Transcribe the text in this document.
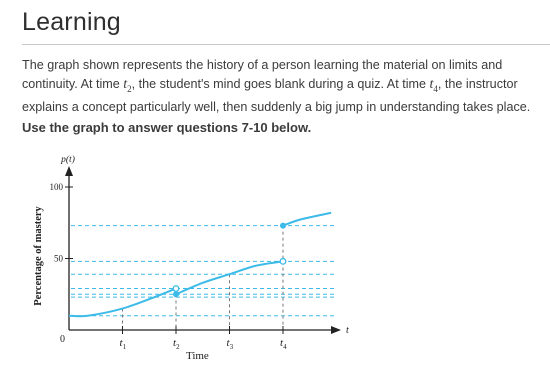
Learning
The graph shown represents the history of a person learning the material on limits and continuity. At time $t_2$, the student's mind goes blank during a quiz. At time $t_4$, the instructor explains a concept particularly well, then suddenly a big jump in understanding takes place.
Use the graph to answer questions 7-10 below.
50
100
$t_1$	$t_2$	$t_3$	$t_4$
0
p(t)
t
Time
Percentage of mastery
